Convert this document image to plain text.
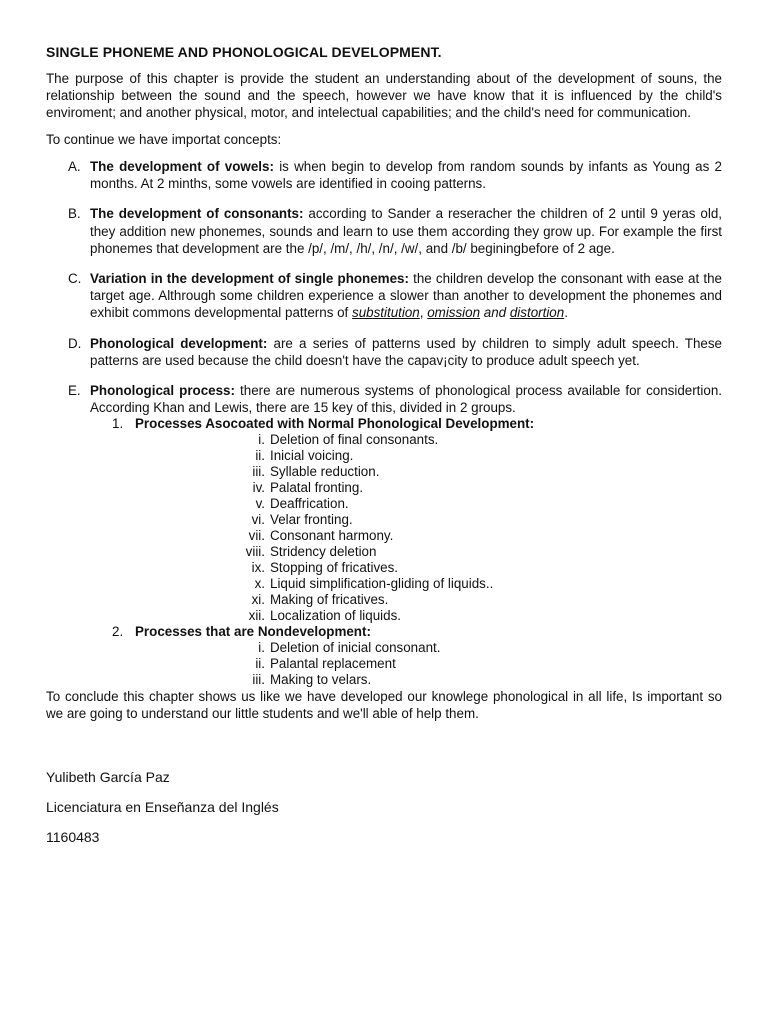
SINGLE PHONEME AND PHONOLOGICAL DEVELOPMENT.

The purpose of this chapter is provide the student an understanding about of the development of souns, the relationship between the sound and the speech, however we have know that it is influenced by the child's enviroment; and another physical, motor, and intelectual capabilities; and the child's need for communication.

To continue we have importat concepts:

A. The development of vowels: is when begin to develop from random sounds by infants as Young as 2 months. At 2 minths, some vowels are identified in cooing patterns.
B. The development of consonants: according to Sander a reseracher the children of 2 until 9 yeras old, they addition new phonemes, sounds and learn to use them according they grow up. For example the first phonemes that development are the /p/, /m/, /h/, /n/, /w/, and /b/ beginingbefore of 2 age.
C. Variation in the development of single phonemes: the children develop the consonant with ease at the target age. Althrough some children experience a slower than another to development the phonemes and exhibit commons developmental patterns of substitution, omission and distortion.
D. Phonological development: are a series of patterns used by children to simply adult speech. These patterns are used because the child doesn't have the capav¡city to produce adult speech yet.
E. Phonological process: there are numerous systems of phonological process available for considertion. According Khan and Lewis, there are 15 key of this, divided in 2 groups.
1. Processes Asocoated with Normal Phonological Development:
i. Deletion of final consonants.
ii. Inicial voicing.
iii. Syllable reduction.
iv. Palatal fronting.
v. Deaffrication.
vi. Velar fronting.
vii. Consonant harmony.
viii. Stridency deletion
ix. Stopping of fricatives.
x. Liquid simplification-gliding of liquids..
xi. Making of fricatives.
xii. Localization of liquids.
2. Processes that are Nondevelopment:
i. Deletion of inicial consonant.
ii. Palantal replacement
iii. Making to velars.

To conclude this chapter shows us like we have developed our knowlege phonological in all life, Is important so we are going to understand our little students and we'll able of help them.

Yulibeth García Paz

Licenciatura en Enseñanza del Inglés

1160483
